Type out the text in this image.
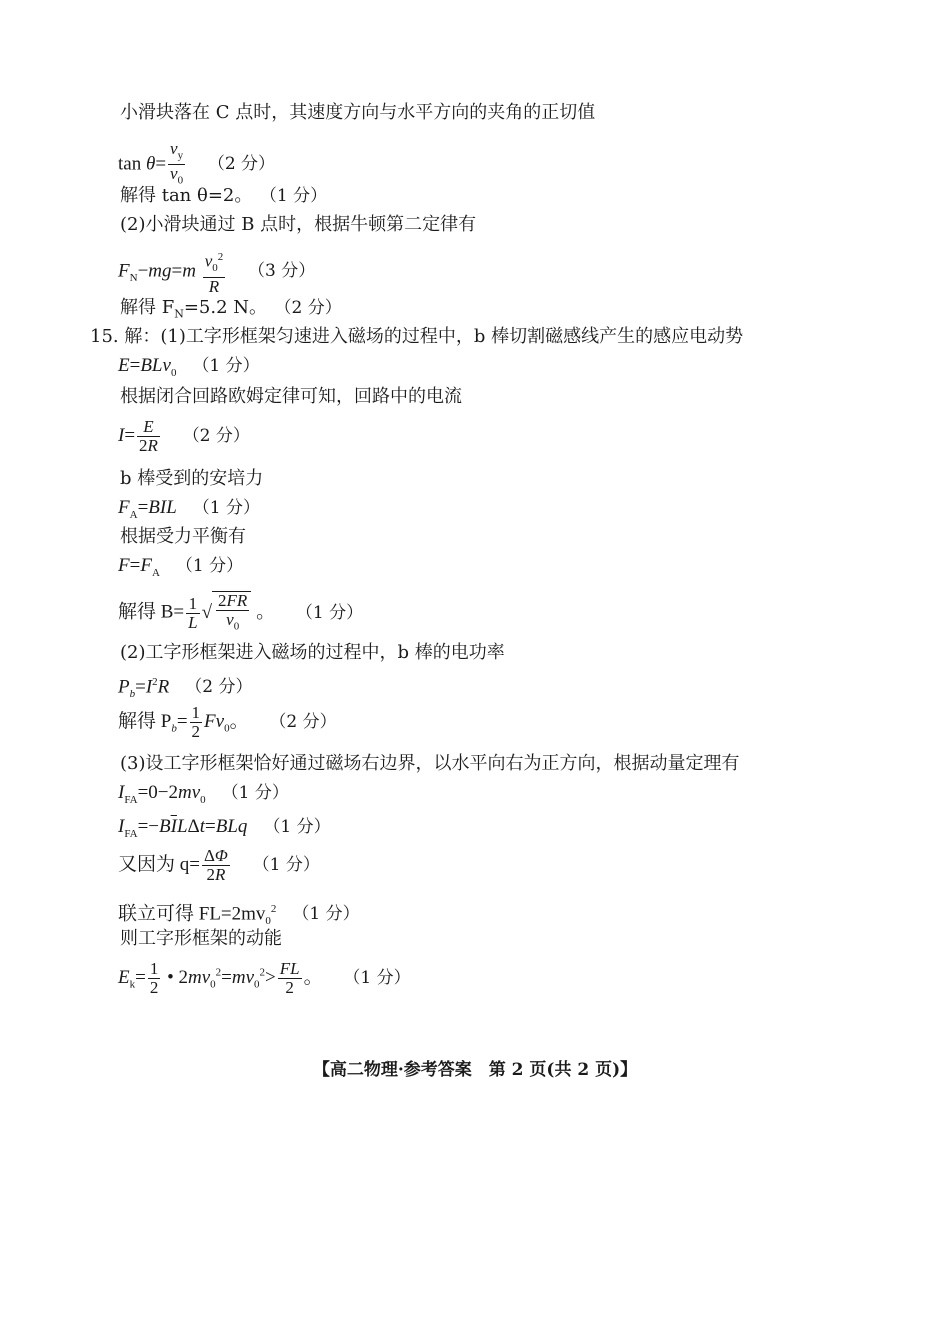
小滑块落在 C 点时，其速度方向与水平方向的夹角的正切值
$\tan \theta= \frac{v_y}{v_0} (2$ 分）
解得 tan θ=2。 （1 分）
(2)小滑块通过 B 点时，根据牛顿第二定律有
$F_N-mg=m \frac{v_0^2}{R} (3$ 分）
解得 $F_N=5.2$ N。 （2 分）
15. 解：(1)工字形框架匀速进入磁场的过程中，b 棒切割磁感线产生的感应电动势
E=BLv$_0$ （1 分）
根据闭合回路欧姆定律可知，回路中的电流
$I= \frac{E}{2R} (2$ 分）
b 棒受到的安培力
$F_A=BIL$ （1 分）
根据受力平衡有
$F=F_A$ （1 分）
解得 $B= \frac{1}{L}$ √ $\frac{2FR}{v_0}$ 。 （1 分）
(2)工字形框架进入磁场的过程中，b 棒的电功率
$P_b=I^2R$ （2 分）
解得 $P_b= \frac{1}{2} Fv_0$。 （2 分）
(3)设工字形框架恰好通过磁场右边界，以水平向右为正方向，根据动量定理有
$I_{FA}=0-2mv_0$ （1 分）
$I_{FA}=-B\overline{I}L\Delta t=BLq$ （1 分）
又因为 $q= \frac{\Delta\Phi}{2R} (1$ 分）
联立可得 $FL=2mv_0^2$ （1 分）
则工字形框架的动能
$E_k= \frac{1}{2}$ • $2mv_0^2=mv_0^2> \frac{FL}{2}$ 。 （1 分）
【高二物理·参考答案　第 2 页(共 2 页)】
